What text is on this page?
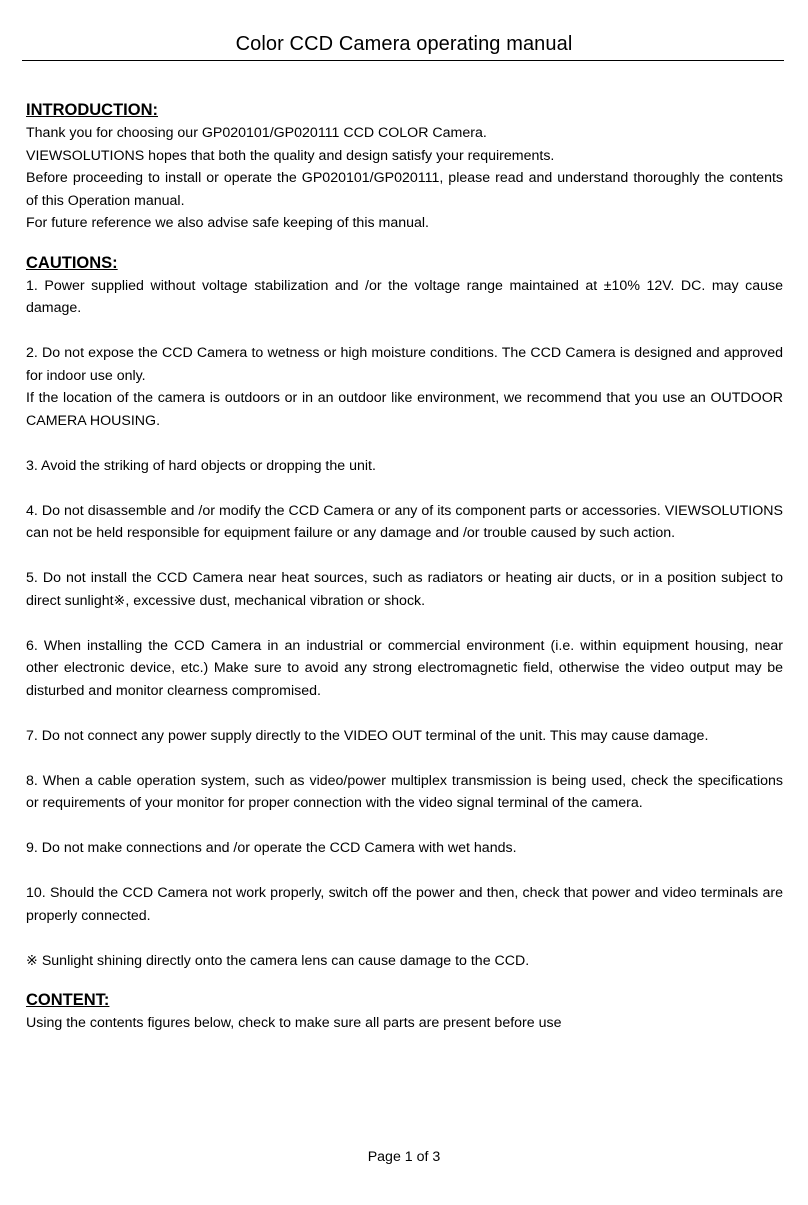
Color CCD Camera operating manual

INTRODUCTION:

Thank you for choosing our GP020101/GP020111 CCD COLOR Camera.

VIEWSOLUTIONS hopes that both the quality and design satisfy your requirements.

Before proceeding to install or operate the GP020101/GP020111, please read and understand thoroughly the contents of this Operation manual.

For future reference we also advise safe keeping of this manual.

CAUTIONS:

1. Power supplied without voltage stabilization and /or the voltage range maintained at ±10% 12V. DC. may cause damage.

2. Do not expose the CCD Camera to wetness or high moisture conditions. The CCD Camera is designed and approved for indoor use only.

If the location of the camera is outdoors or in an outdoor like environment, we recommend that you use an OUTDOOR CAMERA HOUSING.

3. Avoid the striking of hard objects or dropping the unit.

4. Do not disassemble and /or modify the CCD Camera or any of its component parts or accessories. VIEWSOLUTIONS can not be held responsible for equipment failure or any damage and /or trouble caused by such action.

5. Do not install the CCD Camera near heat sources, such as radiators or heating air ducts, or in a position subject to direct sunlight※, excessive dust, mechanical vibration or shock.

6. When installing the CCD Camera in an industrial or commercial environment (i.e. within equipment housing, near other electronic device, etc.) Make sure to avoid any strong electromagnetic field, otherwise the video output may be disturbed and monitor clearness compromised.

7. Do not connect any power supply directly to the VIDEO OUT terminal of the unit. This may cause damage.

8. When a cable operation system, such as video/power multiplex transmission is being used, check the specifications or requirements of your monitor for proper connection with the video signal terminal of the camera.

9. Do not make connections and /or operate the CCD Camera with wet hands.

10. Should the CCD Camera not work properly, switch off the power and then, check that power and video terminals are properly connected.

※ Sunlight shining directly onto the camera lens can cause damage to the CCD.

CONTENT:

Using the contents figures below, check to make sure all parts are present before use

Page 1 of 3
